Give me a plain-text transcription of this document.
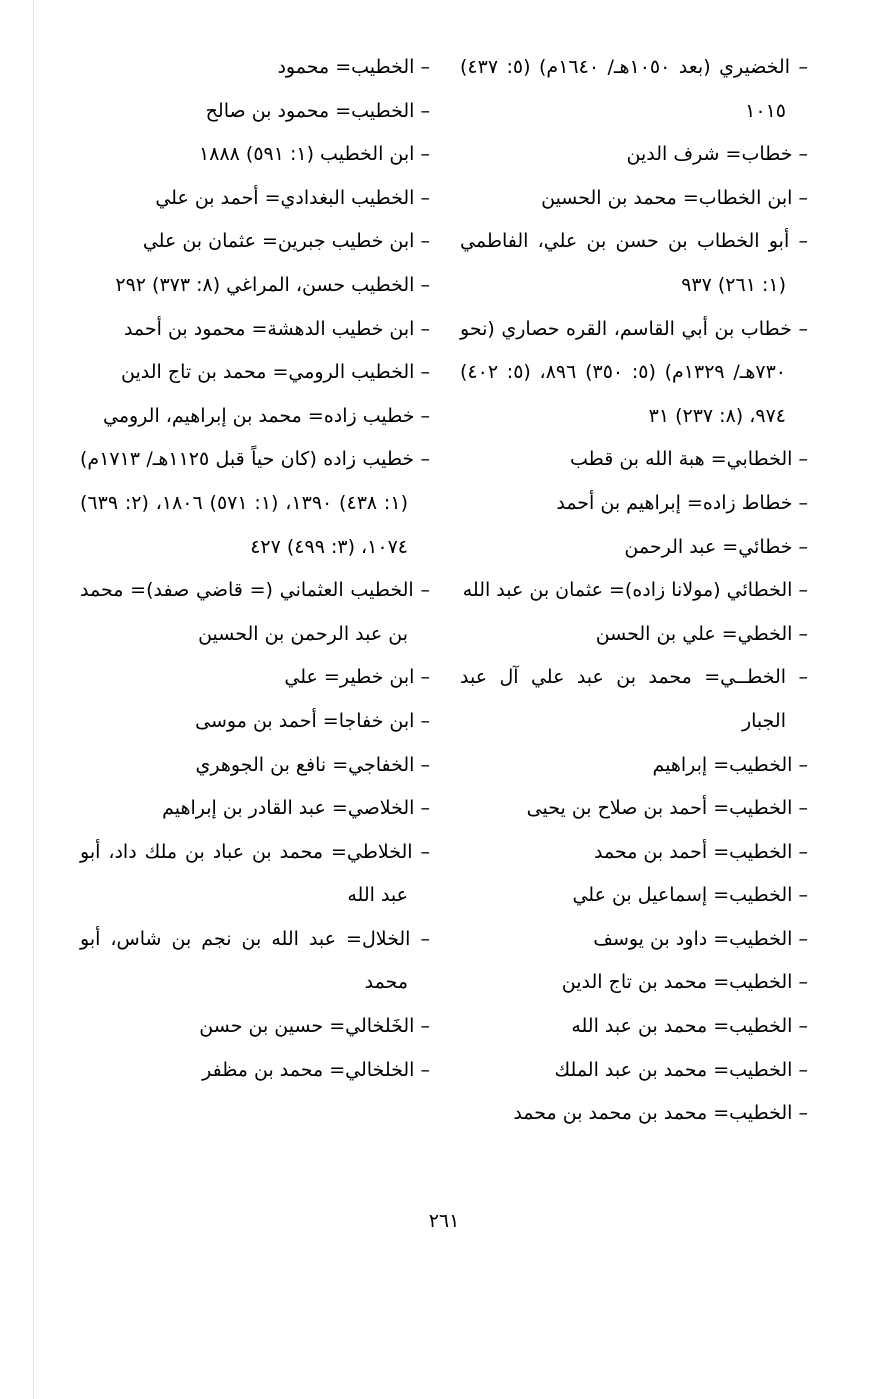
– الخضيري (بعد ١٠٥٠هـ/ ١٦٤٠م) (٥: ٤٣٧) ١٠١٥
– خطاب= شرف الدين
– ابن الخطاب= محمد بن الحسين
– أبو الخطاب بن حسن بن علي، الفاطمي (١: ٢٦١) ٩٣٧
– خطاب بن أبي القاسم، القره حصاري (نحو ٧٣٠هـ/ ١٣٢٩م) (٥: ٣٥٠) ٨٩٦، (٥: ٤٠٢) ٩٧٤، (٨: ٢٣٧) ٣١
– الخطابي= هبة الله بن قطب
– خطاط زاده= إبراهيم بن أحمد
– خطائي= عبد الرحمن
– الخطائي (مولانا زاده)= عثمان بن عبد الله
– الخطي= علي بن الحسن
– الخطــي= محمد بن عبد علي آل عبد الجبار
– الخطيب= إبراهيم
– الخطيب= أحمد بن صلاح بن يحيى
– الخطيب= أحمد بن محمد
– الخطيب= إسماعيل بن علي
– الخطيب= داود بن يوسف
– الخطيب= محمد بن تاج الدين
– الخطيب= محمد بن عبد الله
– الخطيب= محمد بن عبد الملك
– الخطيب= محمد بن محمد بن محمد
– الخطيب= محمود
– الخطيب= محمود بن صالح
– ابن الخطيب (١: ٥٩١) ١٨٨٨
– الخطيب البغدادي= أحمد بن علي
– ابن خطيب جبرين= عثمان بن علي
– الخطيب حسن، المراغي (٨: ٣٧٣) ٢٩٢
– ابن خطيب الدهشة= محمود بن أحمد
– الخطيب الرومي= محمد بن تاج الدين
– خطيب زاده= محمد بن إبراهيم، الرومي
– خطيب زاده (كان حياً قبل ١١٢٥هـ/ ١٧١٣م) (١: ٤٣٨) ١٣٩٠، (١: ٥٧١) ١٨٠٦، (٢: ٦٣٩) ١٠٧٤، (٣: ٤٩٩) ٤٢٧
– الخطيب العثماني (= قاضي صفد)= محمد بن عبد الرحمن بن الحسين
– ابن خطير= علي
– ابن خفاجا= أحمد بن موسى
– الخفاجي= نافع بن الجوهري
– الخلاصي= عبد القادر بن إبراهيم
– الخلاطي= محمد بن عباد بن ملك داد، أبو عبد الله
– الخلال= عبد الله بن نجم بن شاس، أبو محمد
– الخَلخالي= حسين بن حسن
– الخلخالي= محمد بن مظفر
٢٦١
